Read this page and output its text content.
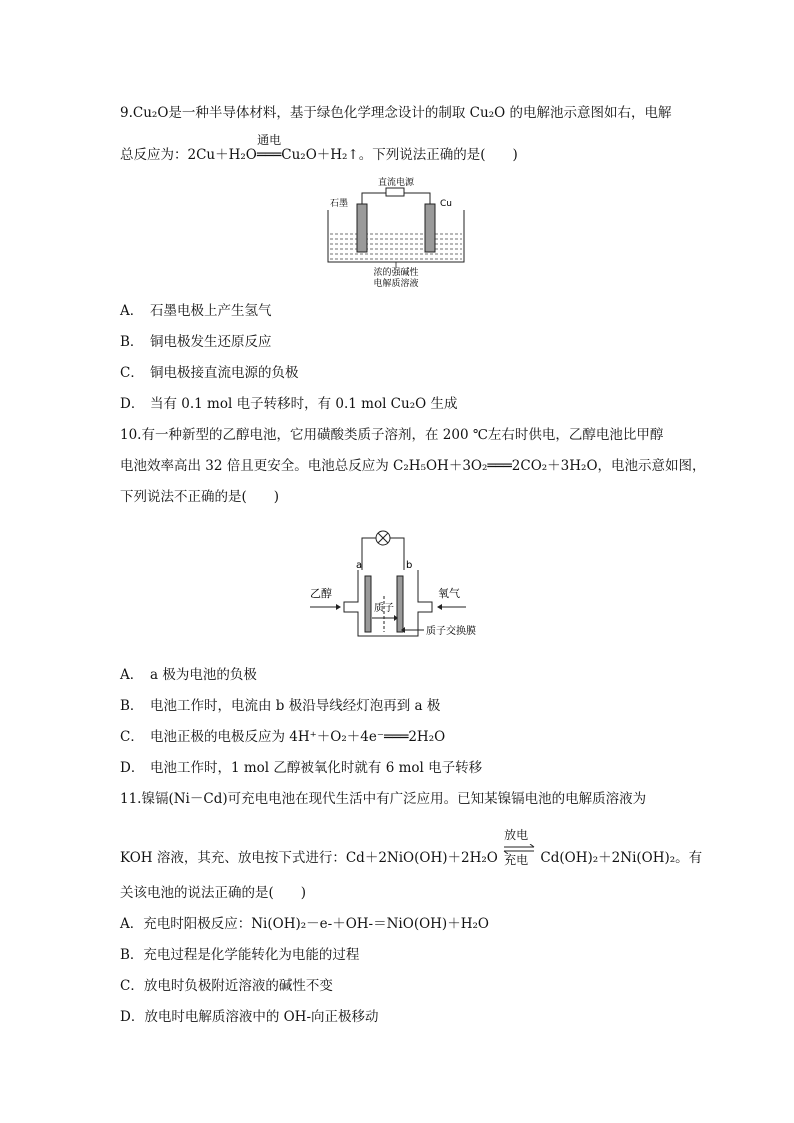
9.Cu₂O是一种半导体材料，基于绿色化学理念设计的制取 Cu₂O 的电解池示意图如右，电解
总反应为：2Cu＋H₂O
通电
═══Cu₂O＋H₂↑。下列说法正确的是(　　)
直流电源
石墨	Cu
浓的强碱性
电解质溶液
A． 石墨电极上产生氢气
B． 铜电极发生还原反应
C． 铜电极接直流电源的负极
D． 当有 0.1 mol 电子转移时，有 0.1 mol Cu₂O 生成
10.有一种新型的乙醇电池，它用磺酸类质子溶剂，在 200 ℃左右时供电，乙醇电池比甲醇
电池效率高出 32 倍且更安全。电池总反应为 C₂H₅OH＋3O₂═══2CO₂＋3H₂O，电池示意如图，
下列说法不正确的是(　　)
a	b
质子
乙醇	氧气
质子交换膜
A． a 极为电池的负极
B． 电池工作时，电流由 b 极沿导线经灯泡再到 a 极
C． 电池正极的电极反应为 4H⁺＋O₂＋4e⁻═══2H₂O
D． 电池工作时，1 mol 乙醇被氧化时就有 6 mol 电子转移
11.镍镉(Ni－Cd)可充电电池在现代生活中有广泛应用。已知某镍镉电池的电解质溶液为
KOH 溶液，其充、放电按下式进行：Cd＋2NiO(OH)＋2H₂O
放电
充电 Cd(OH)₂＋2Ni(OH)₂。有
关该电池的说法正确的是(　　)
A．充电时阳极反应：Ni(OH)₂－e-＋OH-＝NiO(OH)＋H₂O
B．充电过程是化学能转化为电能的过程
C．放电时负极附近溶液的碱性不变
D．放电时电解质溶液中的 OH-向正极移动
